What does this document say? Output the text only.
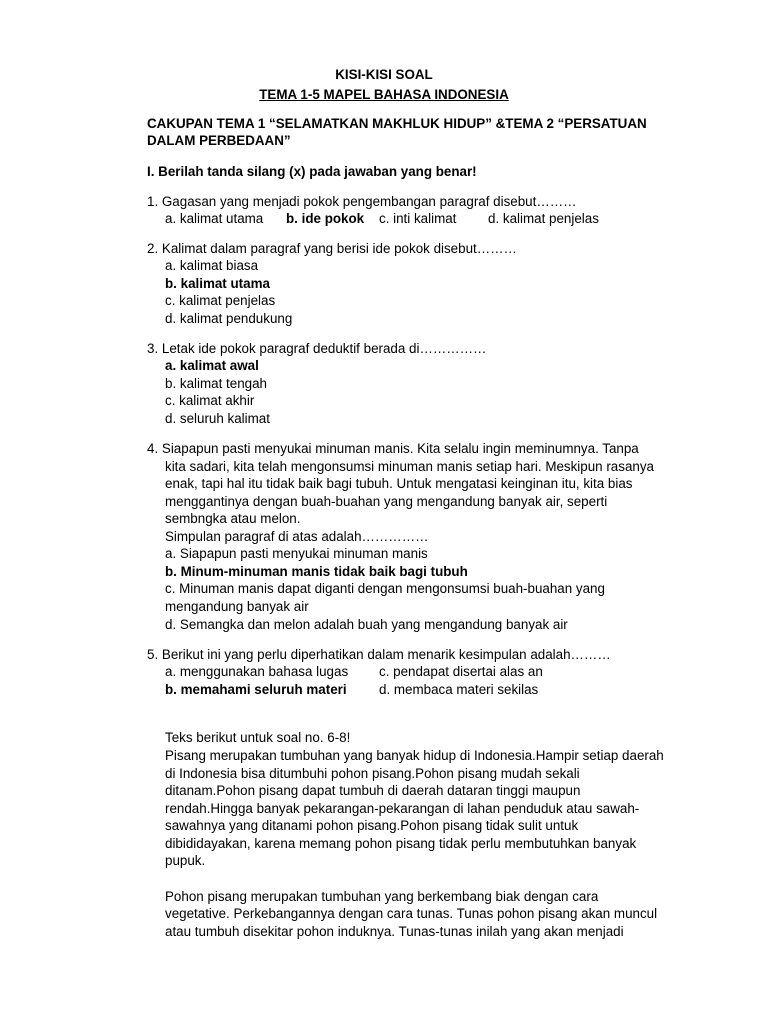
KISI-KISI SOAL
TEMA 1-5 MAPEL BAHASA INDONESIA
CAKUPAN TEMA 1 “SELAMATKAN MAKHLUK HIDUP” &TEMA 2 “PERSATUAN
DALAM PERBEDAAN”
I. Berilah tanda silang (x) pada jawaban yang benar!
1. Gagasan yang menjadi pokok pengembangan paragraf disebut………
a. kalimat utama b. ide pokok c. inti kalimat d. kalimat penjelas
2. Kalimat dalam paragraf yang berisi ide pokok disebut………
a. kalimat biasa
b. kalimat utama
c. kalimat penjelas
d. kalimat pendukung
3. Letak ide pokok paragraf deduktif berada di……………
a. kalimat awal
b. kalimat tengah
c. kalimat akhir
d. seluruh kalimat
4. Siapapun pasti menyukai minuman manis. Kita selalu ingin meminumnya. Tanpa
kita sadari, kita telah mengonsumsi minuman manis setiap hari. Meskipun rasanya
enak, tapi hal itu tidak baik bagi tubuh. Untuk mengatasi keinginan itu, kita bias
menggantinya dengan buah-buahan yang mengandung banyak air, seperti
sembngka atau melon.
Simpulan paragraf di atas adalah……………
a. Siapapun pasti menyukai minuman manis
b. Minum-minuman manis tidak baik bagi tubuh
c. Minuman manis dapat diganti dengan mengonsumsi buah-buahan yang
mengandung banyak air
d. Semangka dan melon adalah buah yang mengandung banyak air
5. Berikut ini yang perlu diperhatikan dalam menarik kesimpulan adalah………
a. menggunakan bahasa lugas c. pendapat disertai alas an
b. memahami seluruh materi d. membaca materi sekilas
Teks berikut untuk soal no. 6-8!
Pisang merupakan tumbuhan yang banyak hidup di Indonesia.Hampir setiap daerah
di Indonesia bisa ditumbuhi pohon pisang.Pohon pisang mudah sekali
ditanam.Pohon pisang dapat tumbuh di daerah dataran tinggi maupun
rendah.Hingga banyak pekarangan-pekarangan di lahan penduduk atau sawah-
sawahnya yang ditanami pohon pisang.Pohon pisang tidak sulit untuk
dibididayakan, karena memang pohon pisang tidak perlu membutuhkan banyak
pupuk.
Pohon pisang merupakan tumbuhan yang berkembang biak dengan cara
vegetative. Perkebangannya dengan cara tunas. Tunas pohon pisang akan muncul
atau tumbuh disekitar pohon induknya. Tunas-tunas inilah yang akan menjadi
